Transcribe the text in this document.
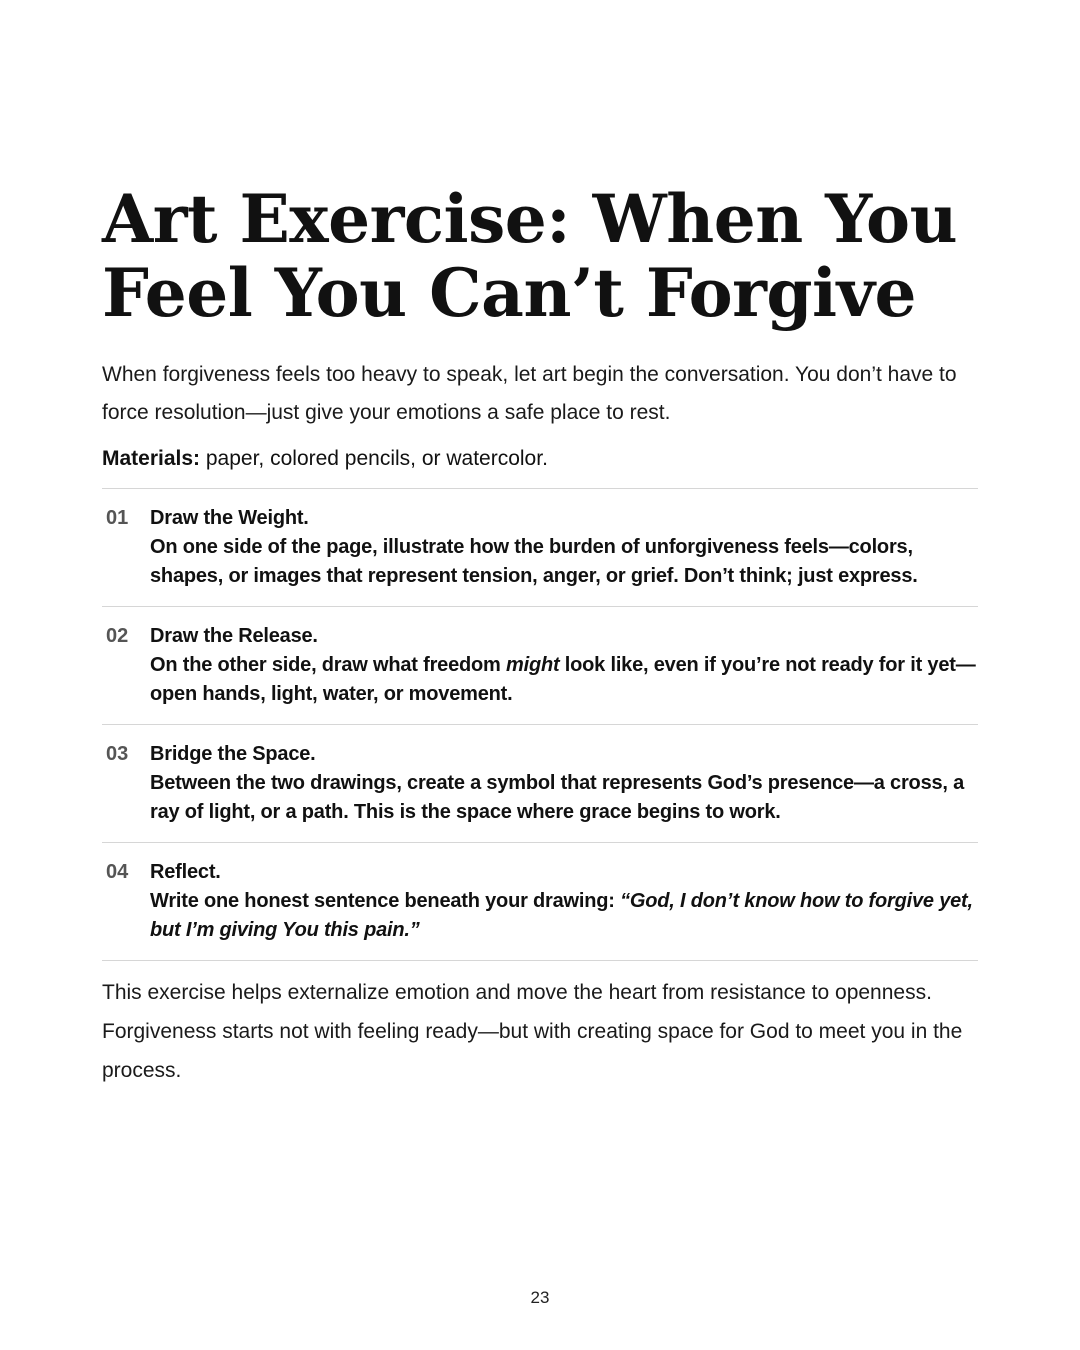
Art Exercise: When You
Feel You Can’t Forgive

When forgiveness feels too heavy to speak, let art begin the conversation. You don’t have to force resolution—just give your emotions a safe place to rest.

Materials: paper, colored pencils, or watercolor.

01	Draw the Weight.
On one side of the page, illustrate how the burden of unforgiveness feels—colors, shapes, or images that represent tension, anger, or grief. Don’t think; just express.
02	Draw the Release.
On the other side, draw what freedom might look like, even if you’re not ready for it yet—open hands, light, water, or movement.
03	Bridge the Space.
Between the two drawings, create a symbol that represents God’s presence—a cross, a ray of light, or a path. This is the space where grace begins to work.
04	Reflect.
Write one honest sentence beneath your drawing: “God, I don’t know how to forgive yet, but I’m giving You this pain.”

This exercise helps externalize emotion and move the heart from resistance to openness. Forgiveness starts not with feeling ready—but with creating space for God to meet you in the process.

23
